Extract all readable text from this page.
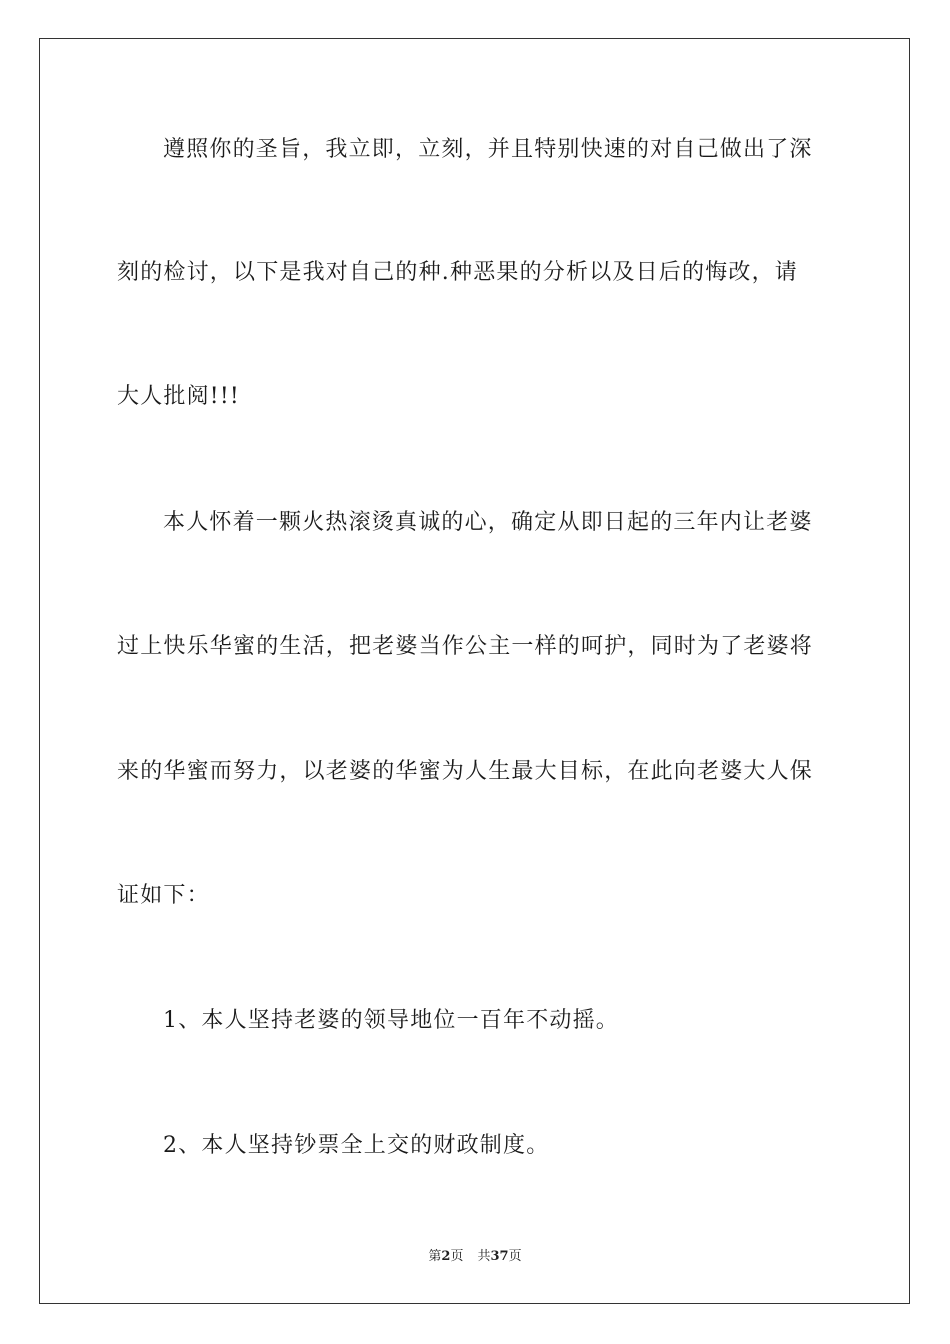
遵照你的圣旨，我立即，立刻，并且特别快速的对自己做出了深
刻的检讨，以下是我对自己的种.种恶果的分析以及日后的悔改，请
大人批阅!!!
本人怀着一颗火热滚烫真诚的心，确定从即日起的三年内让老婆
过上快乐华蜜的生活，把老婆当作公主一样的呵护，同时为了老婆将
来的华蜜而努力，以老婆的华蜜为人生最大目标，在此向老婆大人保
证如下：
1、本人坚持老婆的领导地位一百年不动摇。
2、本人坚持钞票全上交的财政制度。
第2页 共37页
